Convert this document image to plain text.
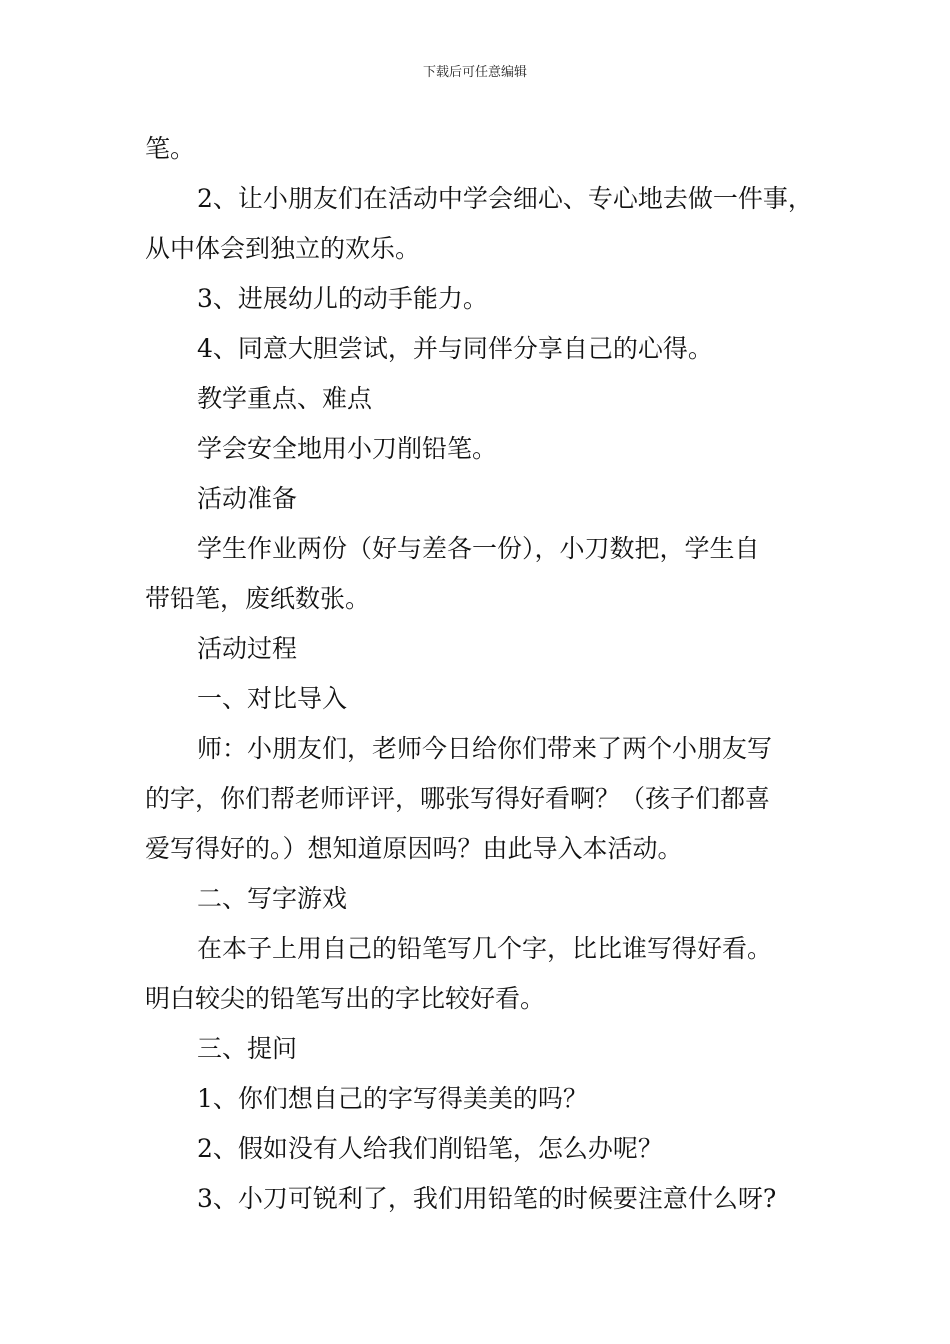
下载后可任意编辑
笔。
2、让小朋友们在活动中学会细心、专心地去做一件事，
从中体会到独立的欢乐。
3、进展幼儿的动手能力。
4、同意大胆尝试，并与同伴分享自己的心得。
教学重点、难点
学会安全地用小刀削铅笔。
活动准备
学生作业两份（好与差各一份），小刀数把，学生自
带铅笔，废纸数张。
活动过程
一、对比导入
师：小朋友们，老师今日给你们带来了两个小朋友写
的字，你们帮老师评评，哪张写得好看啊？（孩子们都喜
爱写得好的。）想知道原因吗？由此导入本活动。
二、写字游戏
在本子上用自己的铅笔写几个字，比比谁写得好看。
明白较尖的铅笔写出的字比较好看。
三、提问
1、你们想自己的字写得美美的吗？
2、假如没有人给我们削铅笔，怎么办呢？
3、小刀可锐利了，我们用铅笔的时候要注意什么呀?
